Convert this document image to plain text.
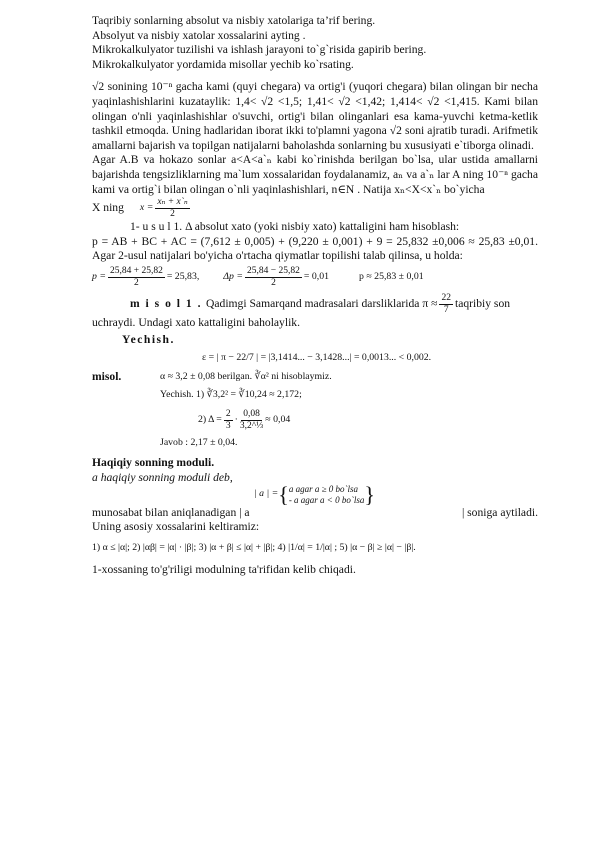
Taqribiy sonlarning absolut va nisbiy xatolariga ta’rif bering.

Absolyut va nisbiy xatolar xossalarini ayting .

Mikrokalkulyator tuzilishi va ishlash jarayoni to`g`risida gapirib bering.

Mikrokalkulyator yordamida misollar yechib ko`rsating.

√2 sonining 10⁻ⁿ gacha kami (quyi chegara) va ortig'i (yuqori chegara) bilan olingan bir necha yaqinlashishlarini kuzataylik: 1,4< √2 <1,5; 1,41< √2 <1,42; 1,414< √2 <1,415. Kami bilan olingan o'nli yaqinlashishlar o'suvchi, ortig'i bilan olinganlari esa kama-yuvchi ketma-ketlik tashkil etmoqda. Uning hadlaridan iborat ikki to'plamni yagona √2 soni ajratib turadi. Arifmetik amallarni bajarish va topilgan natijalarni baholashda sonlarning bu xususiyati e`tiborga olinadi.

Agar A.B va hokazo sonlar a<A<a`ₙ kabi ko`rinishda berilgan bo`lsa, ular ustida amallarni bajarishda tengsizliklarning ma`lum xossalaridan foydalanamiz, aₙ va a`ₙ lar A ning 10⁻ⁿ gacha kami va ortig`i bilan olingan o`nli yaqinlashishlari, n∈N . Natija xₙ<X<x`ₙ bo`yicha

X ning $x = \frac{\text{xₙ + x`ₙ}}{2}$

1- u s u l 1. Δ absolut xato (yoki nisbiy xato) kattaligini ham hisoblash:

p = AB + BC + AC = (7,612 ± 0,005) + (9,220 ± 0,001) + 9 = 25,832 ±0,006 ≈ 25,83 ±0,01. Agar 2-usul natijalari bo'yicha o'rtacha qiymatlar topilishi talab qilinsa, u holda:

$p = \frac{25,84 + 25,82}{2} = 25,83$, $\Delta p = \frac{25,84 - 25,82}{2} = 0,01$	p ≈ 25,83 ± 0,01
m i s o l 1 . Qadimgi Samarqand madrasalari darsliklarida $\pi \approx \frac{22}{7}$ taqribiy son

uchraydi. Undagi xato kattaligini baholaylik.

Yechish.

ε = | π − 22/7 | = |3,1414... − 3,1428...| = 0,0013... < 0,002.

misol.	α ≈ 3,2 ± 0,08 berilgan. ∛α² ni hisoblaymiz.

Yechish. 1) ∛3,2² = ∛10,24 ≈ 2,172;

2) $\Delta = \frac{2}{3} \cdot \frac{0,08}{\text{3,2\textasciicircum{}⅓}} \approx 0,04$

Javob : 2,17 ± 0,04.

Haqiqiy sonning moduli.

a haqiqiy sonning moduli deb,

| a | = { a agar a ≥ 0 bo`lsa
- a agar a < 0 bo`lsa }
munosabat bilan aniqlanadigan | a	| soniga aytiladi.

Uning asosiy xossalarini keltiramiz:

1) α ≤ |α|; 2) |αβ| = |α| · |β|; 3) |α + β| ≤ |α| + |β|; 4) |1/α| = 1/|α| ; 5) |α − β| ≥ |α| − |β|.

1-xossaning to'g'riligi modulning ta'rifidan kelib chiqadi.
